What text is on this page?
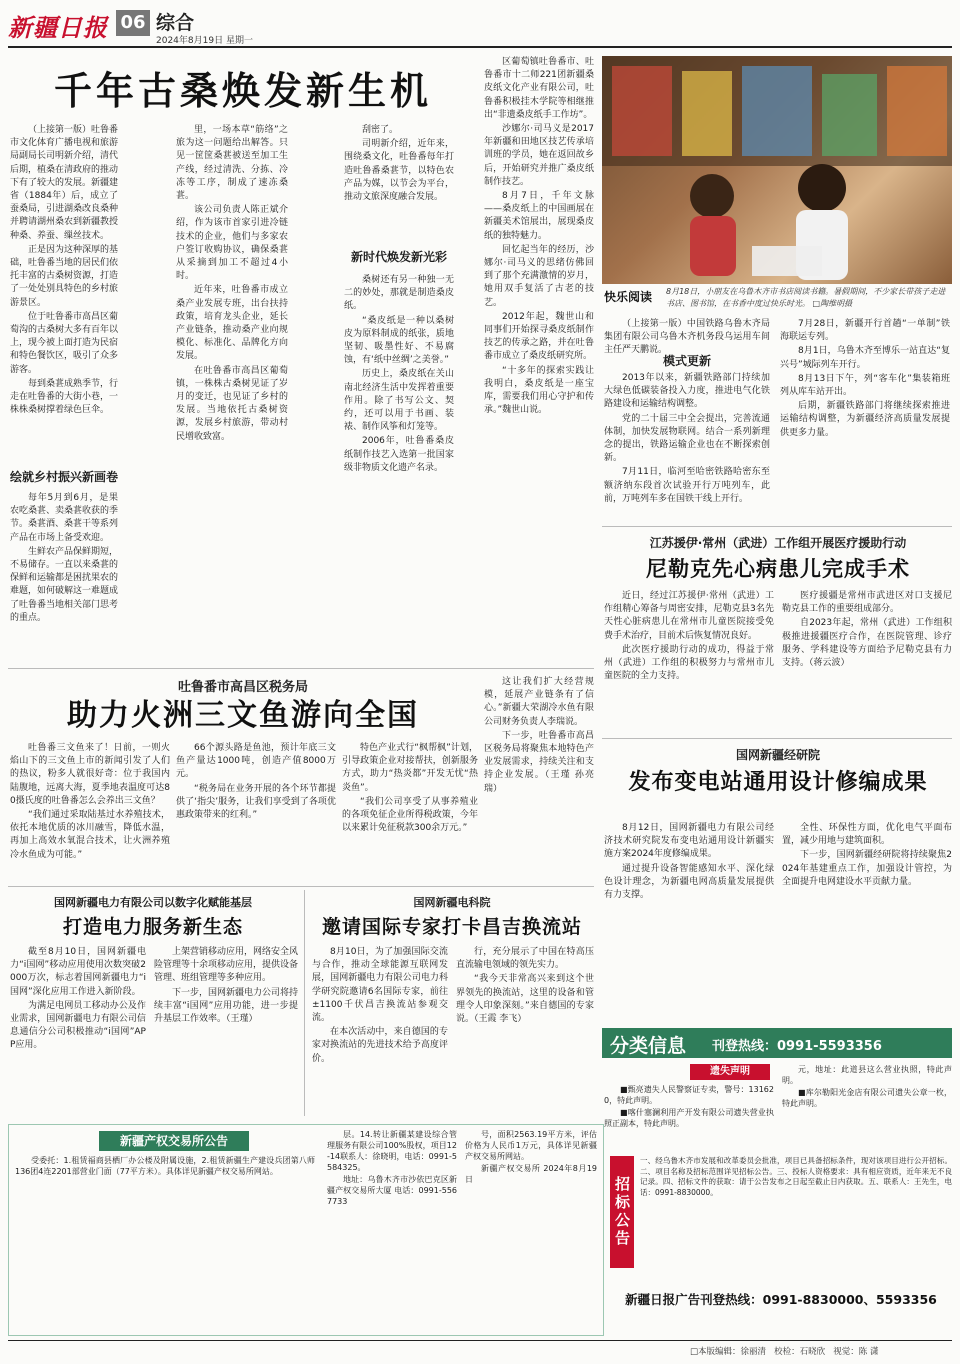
新疆日报 06 综合
2024年8月19日 星期一
千年古桑焕发新生机

（上接第一版）吐鲁番市文化体育广播电视和旅游局副局长司明新介绍，清代后期，植桑在清政府的推动下有了较大的发展。新疆建省（1884年）后，成立了蚕桑局，引进湖桑改良桑种并聘请湖州桑农到新疆教授种桑、养蚕、缫丝技术。

正是因为这种深厚的基础，吐鲁番当地的居民们依托丰富的古桑树资源，打造了一处处别具特色的乡村旅游景区。

位于吐鲁番市高昌区葡萄沟的古桑树大多有百年以上，现今被上面打造为民宿和特色餐饮区，吸引了众多游客。

每到桑葚成熟季节，行走在吐鲁番的大街小巷，一株株桑树撑着绿色巨伞。

绘就乡村振兴新画卷

每年5月到6月，是果农吃桑葚、卖桑葚收获的季节。桑葚酒、桑葚干等系列产品在市场上备受欢迎。

生鲜农产品保鲜期短，不易储存。一直以来桑葚的保鲜和运输都是困扰果农的难题，如何破解这一难题成了吐鲁番当地相关部门思考的重点。

里，一场本草“筋络”之旅为这一问题给出解答。只见一筐筐桑葚被送至加工生产线，经过清洗、分拣、冷冻等工序，制成了速冻桑葚。

该公司负责人陈正斌介绍，作为该市首家引进冷链技术的企业，他们与多家农户签订收购协议，确保桑葚从采摘到加工不超过4小时。

近年来，吐鲁番市成立桑产业发展专班，出台扶持政策，培育龙头企业，延长产业链条，推动桑产业向规模化、标准化、品牌化方向发展。

在吐鲁番市高昌区葡萄镇，一株株古桑树见证了岁月的变迁，也见证了乡村的发展。当地依托古桑树资源，发展乡村旅游，带动村民增收致富。

刮密了。

司明新介绍，近年来，围绕桑文化，吐鲁番每年打造吐鲁番桑葚节，以特色农产品为媒，以节会为平台，推动文旅深度融合发展。

新时代焕发新光彩

桑树还有另一种独一无二的妙处，那就是制造桑皮纸。

“桑皮纸是一种以桑树皮为原料制成的纸张，质地坚韧、吸墨性好、不易腐蚀，有‘纸中丝绸’之美誉。”

历史上，桑皮纸在关山南北经济生活中发挥着重要作用。除了书写公文、契约，还可以用于书画、装裱、制作风筝和灯笼等。

2006年，吐鲁番桑皮纸制作技艺入选第一批国家级非物质文化遗产名录。

区葡萄镇吐鲁番市、吐鲁番市十二师221团新疆桑皮纸文化产业有限公司，吐鲁番积极挂木学院等相继推出“非遗桑皮纸手工作坊”。

沙娜尔·司马义是2017年新疆和田地区技艺传承培训班的学员，她在返回故乡后，开始研究并推广桑皮纸制作技艺。

8月7日，千年文脉——桑皮纸上的中国画展在新疆美术馆展出，展现桑皮纸的独特魅力。

回忆起当年的经历，沙娜尔·司马义的思绪仿佛回到了那个充满激情的岁月，她用双手复活了古老的技艺。

2012年起，魏世山和同事们开始探寻桑皮纸制作技艺的传承之路，并在吐鲁番市成立了桑皮纸研究所。

“十多年的探索实践让我明白，桑皮纸是一座宝库，需要我们用心守护和传承。”魏世山说。

快乐阅读	8月18日，小朋友在乌鲁木齐市书店阅读书籍。暑假期间，不少家长带孩子走进书店、图书馆，在书香中度过快乐时光。 □陶维明摄

（上接第一版）中国铁路乌鲁木齐局集团有限公司乌鲁木齐机务段乌运用车间主任严天鹏说。

模式更新

2013年以来，新疆铁路部门持续加大绿色低碳装备投入力度，推进电气化铁路建设和运输结构调整。

党的二十届三中全会提出，完善流通体制，加快发展物联网。结合一系列新理念的提出，铁路运输企业也在不断探索创新。

7月11日，临河至哈密铁路哈密东至额济纳东段首次试验开行万吨列车，此前，万吨列车多在国铁干线上开行。

7月28日，新疆开行首趟“一单制”铁海联运专列。

8月1日，乌鲁木齐至博乐一站直达“复兴号”城际列车开行。

8月13日下午，列“客车化”集装箱班列从库车站开出。

后期，新疆铁路部门将继续探索推进运输结构调整，为新疆经济高质量发展提供更多力量。

江苏援伊·常州（武进）工作组开展医疗援助行动
尼勒克先心病患儿完成手术

近日，经过江苏援伊·常州（武进）工作组精心筹备与周密安排，尼勒克县3名先天性心脏病患儿在常州市儿童医院接受免费手术治疗，目前术后恢复情况良好。

此次医疗援助行动的成功，得益于常州（武进）工作组的积极努力与常州市儿童医院的全力支持。

医疗援疆是常州市武进区对口支援尼勒克县工作的重要组成部分。

自2023年起，常州（武进）工作组积极推进援疆医疗合作，在医院管理、诊疗服务、学科建设等方面给予尼勒克县有力支持。（蒋云波）

吐鲁番市高昌区税务局
助力火洲三文鱼游向全国

吐鲁番三文鱼来了！日前，一则火焰山下的三文鱼上市的新闻引发了人们的热议，粉多人就很好奇：位于我国内陆腹地，远离大海，夏季地表温度可达80摄氏度的吐鲁番怎么会养出三文鱼？

“我们通过采取陆基过水养殖技术，依托本地优质的冰川融雪，降低水温，再加上高效水氧混合技术，让火洲养殖冷水鱼成为可能。”

66个源头路是鱼池，预计年底三文鱼产量达1000吨，创造产值8000万元。

“税务局在业务开展的各个环节都提供了‘指尖’服务，让我们享受到了各项优惠政策带来的红利。”

特色产业式行“枫帮枫”计划，引导政策企业对接帮扶，创新服务方式，助力“热炎都”开发无忧“热炎鱼”。

“我们公司享受了从事养殖业的各项免征企业所得税政策，今年以来累计免征税款300余万元。”

这让我们扩大经营规模，延展产业链条有了信心。”新疆大荣湖冷水鱼有限公司财务负责人李瑞说。

下一步，吐鲁番市高昌区税务局将聚焦本地特色产业发展需求，持续关注和支持企业发展。（王瑾 孙亮瑞）

国网新疆经研院
发布变电站通用设计修编成果

8月12日，国网新疆电力有限公司经济技术研究院发布变电站通用设计新疆实施方案2024年度修编成果。

通过提升设备智能感知水平、深化绿色设计理念，为新疆电网高质量发展提供有力支撑。

全性、环保性方面，优化电气平面布置，减少用地与建筑面积。

下一步，国网新疆经研院将持续聚焦2024年基建重点工作，加强设计管控，为全面提升电网建设水平贡献力量。

国网新疆电力有限公司以数字化赋能基层
打造电力服务新生态

截至8月10日，国网新疆电力“i国网”移动应用使用次数突破2000万次，标志着国网新疆电力“i国网”深化应用工作进入新阶段。

为满足电网员工移动办公及作业需求，国网新疆电力有限公司信息通信分公司积极推动“i国网”APP应用。

上架营销移动应用，网络安全风险管理等十余项移动应用，提供设备管理、班组管理等多种应用。

下一步，国网新疆电力公司将持续丰富“i国网”应用功能，进一步提升基层工作效率。（王瑾）

国网新疆电科院
邀请国际专家打卡昌吉换流站

8月10日，为了加强国际交流与合作，推动全球能源互联网发展，国网新疆电力有限公司电力科学研究院邀请6名国际专家，前往±1100千伏昌吉换流站参观交流。

在本次活动中，来自德国的专家对换流站的先进技术给予高度评价。

行，充分展示了中国在特高压直流输电领域的领先实力。

“我今天非常高兴来到这个世界领先的换流站，这里的设备和管理令人印象深刻。”来自德国的专家说。（王霞 李飞）

分类信息 刊登热线：0991-5593356
遗失声明

■甄亮遗失人民警察证专卖，警号：131620，特此声明。

■喀什塞澜利用产开发有限公司遗失营业执照正副本，特此声明。

元，地址：此道县这么营业执照，特此声明。

■库尔勒阳光金店有限公司遗失公章一枚，特此声明。

新疆产权交易所公告

受委托：1.租赁福商县栖厂办公楼及附属设施，2.租赁新疆生产建设兵团第八师136团4连2201部营业门面（77平方米）。具体详见新疆产权交易所网站。

层。14.转让新疆某建设综合管理服务有限公司100%股权，项目12-14联系人：徐晓明，电话：0991-5584325。

地址：乌鲁木齐市沙依巴克区新疆产权交易所大厦 电话：0991-5567733

号，面积2563.19平方米，评估价格为人民币1万元，具体详见新疆产权交易所网站。

新疆产权交易所 2024年8月19日	招标公告
一、经乌鲁木齐市发展和改革委员会批准，项目已具备招标条件，现对该项目进行公开招标。二、项目名称及招标范围详见招标公告。三、投标人资格要求：具有相应资质，近年来无不良记录。四、招标文件的获取：请于公告发布之日起至截止日内获取。五、联系人：王先生，电话：0991-8830000。
新疆日报广告刊登热线：0991-8830000、5593356
□本版编辑：徐丽清 校检：石晓欣 视觉：陈 潇
